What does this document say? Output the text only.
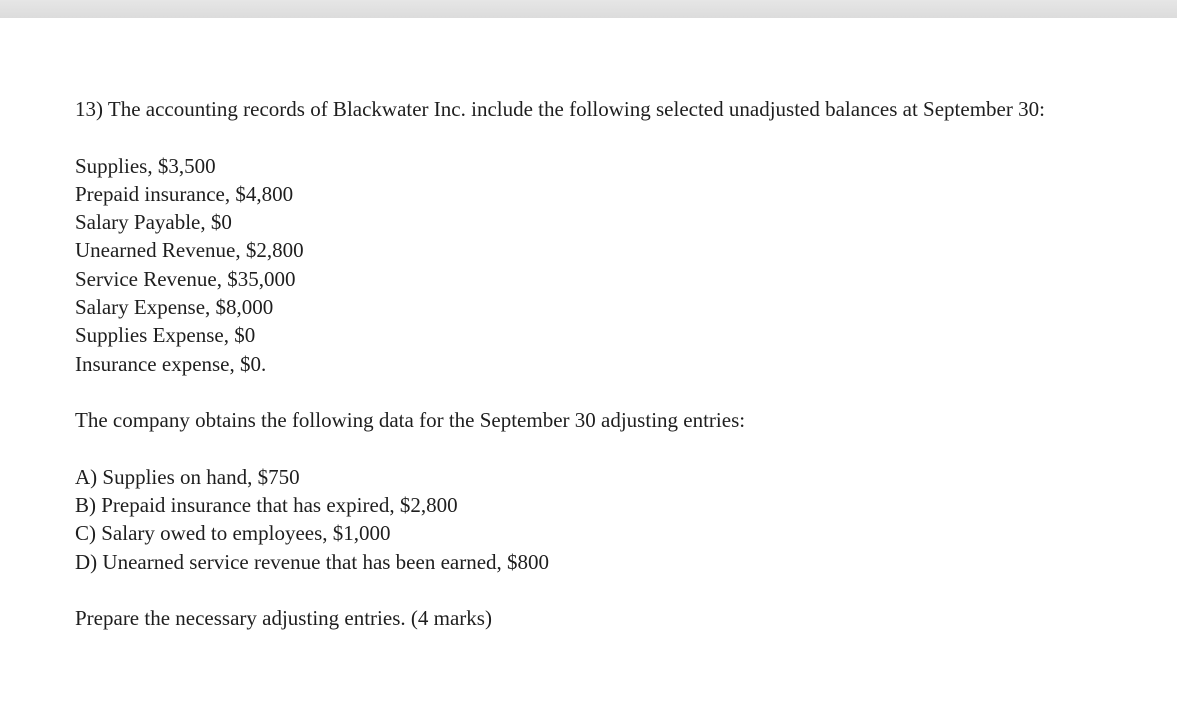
13) The accounting records of Blackwater Inc. include the following selected unadjusted balances at September 30:

Supplies, $3,500

Prepaid insurance, $4,800

Salary Payable, $0

Unearned Revenue, $2,800

Service Revenue, $35,000

Salary Expense, $8,000

Supplies Expense, $0

Insurance expense, $0.

The company obtains the following data for the September 30 adjusting entries:

A) Supplies on hand, $750

B) Prepaid insurance that has expired, $2,800

C) Salary owed to employees, $1,000

D) Unearned service revenue that has been earned, $800

Prepare the necessary adjusting entries. (4 marks)
